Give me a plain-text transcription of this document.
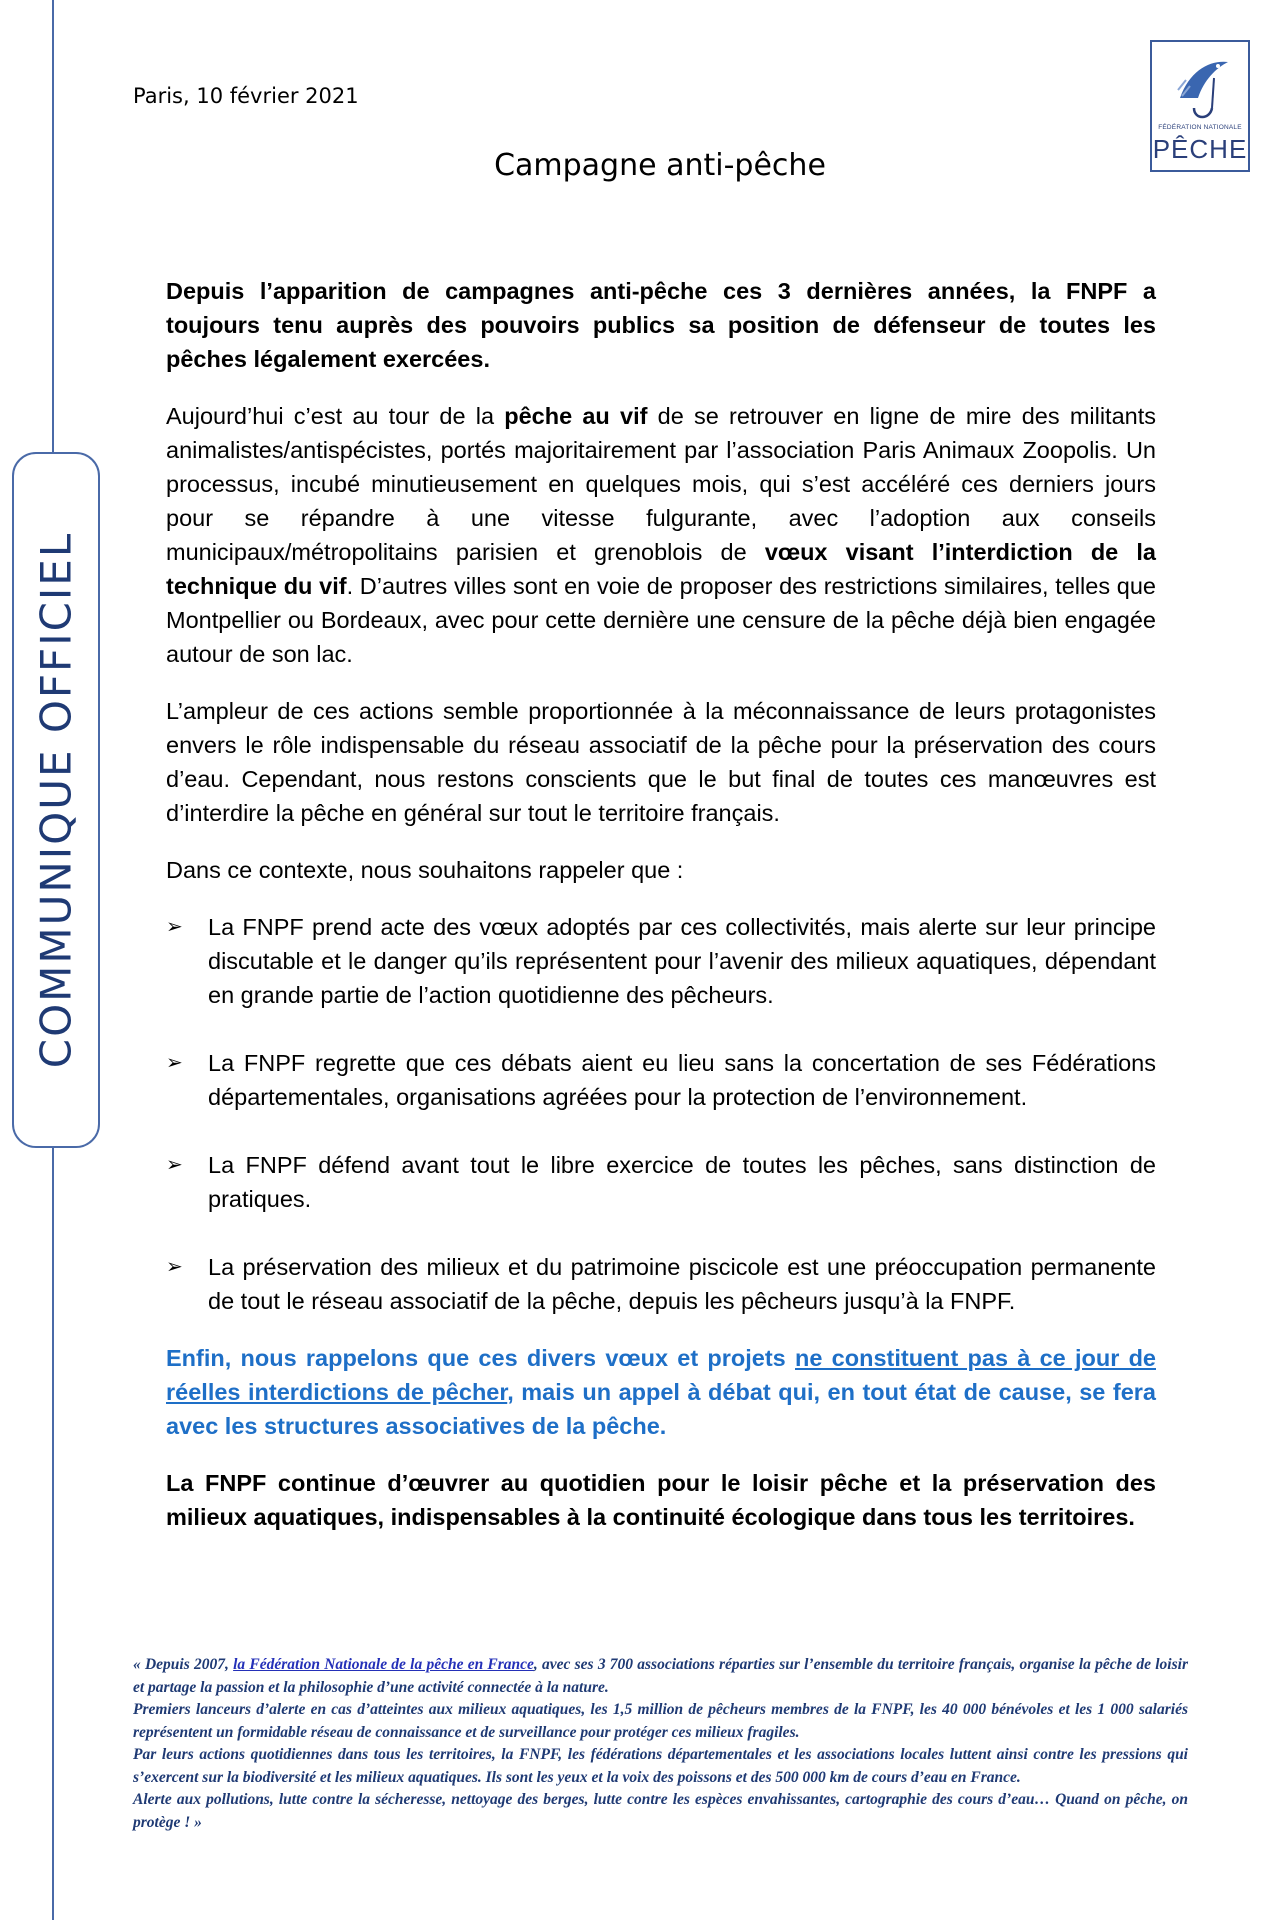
COMMUNIQUE OFFICIEL
Paris, 10 février 2021
Campagne anti-pêche
FÉDÉRATION NATIONALE
PÊCHE

Depuis l’apparition de campagnes anti-pêche ces 3 dernières années, la FNPF a toujours tenu auprès des pouvoirs publics sa position de défenseur de toutes les pêches légalement exercées.

Aujourd’hui c’est au tour de la pêche au vif de se retrouver en ligne de mire des militants animalistes/antispécistes, portés majoritairement par l’association Paris Animaux Zoopolis. Un processus, incubé minutieusement en quelques mois, qui s’est accéléré ces derniers jours pour se répandre à une vitesse fulgurante, avec l’adoption aux conseils municipaux/métropolitains parisien et grenoblois de vœux visant l’interdiction de la technique du vif. D’autres villes sont en voie de proposer des restrictions similaires, telles que Montpellier ou Bordeaux, avec pour cette dernière une censure de la pêche déjà bien engagée autour de son lac.

L’ampleur de ces actions semble proportionnée à la méconnaissance de leurs protagonistes envers le rôle indispensable du réseau associatif de la pêche pour la préservation des cours d’eau. Cependant, nous restons conscients que le but final de toutes ces manœuvres est d’interdire la pêche en général sur tout le territoire français.

Dans ce contexte, nous souhaitons rappeler que :

➢ La FNPF prend acte des vœux adoptés par ces collectivités, mais alerte sur leur principe discutable et le danger qu’ils représentent pour l’avenir des milieux aquatiques, dépendant en grande partie de l’action quotidienne des pêcheurs.
➢ La FNPF regrette que ces débats aient eu lieu sans la concertation de ses Fédérations départementales, organisations agréées pour la protection de l’environnement.
➢ La FNPF défend avant tout le libre exercice de toutes les pêches, sans distinction de pratiques.
➢ La préservation des milieux et du patrimoine piscicole est une préoccupation permanente de tout le réseau associatif de la pêche, depuis les pêcheurs jusqu’à la FNPF.

Enfin, nous rappelons que ces divers vœux et projets ne constituent pas à ce jour de réelles interdictions de pêcher, mais un appel à débat qui, en tout état de cause, se fera avec les structures associatives de la pêche.

La FNPF continue d’œuvrer au quotidien pour le loisir pêche et la préservation des milieux aquatiques, indispensables à la continuité écologique dans tous les territoires.

« Depuis 2007, la Fédération Nationale de la pêche en France, avec ses 3 700 associations réparties sur l’ensemble du territoire français, organise la pêche de loisir et partage la passion et la philosophie d’une activité connectée à la nature.
Premiers lanceurs d’alerte en cas d’atteintes aux milieux aquatiques, les 1,5 million de pêcheurs membres de la FNPF, les 40 000 bénévoles et les 1 000 salariés représentent un formidable réseau de connaissance et de surveillance pour protéger ces milieux fragiles.
Par leurs actions quotidiennes dans tous les territoires, la FNPF, les fédérations départementales et les associations locales luttent ainsi contre les pressions qui s’exercent sur la biodiversité et les milieux aquatiques. Ils sont les yeux et la voix des poissons et des 500 000 km de cours d’eau en France.
Alerte aux pollutions, lutte contre la sécheresse, nettoyage des berges, lutte contre les espèces envahissantes, cartographie des cours d’eau… Quand on pêche, on protège ! »
